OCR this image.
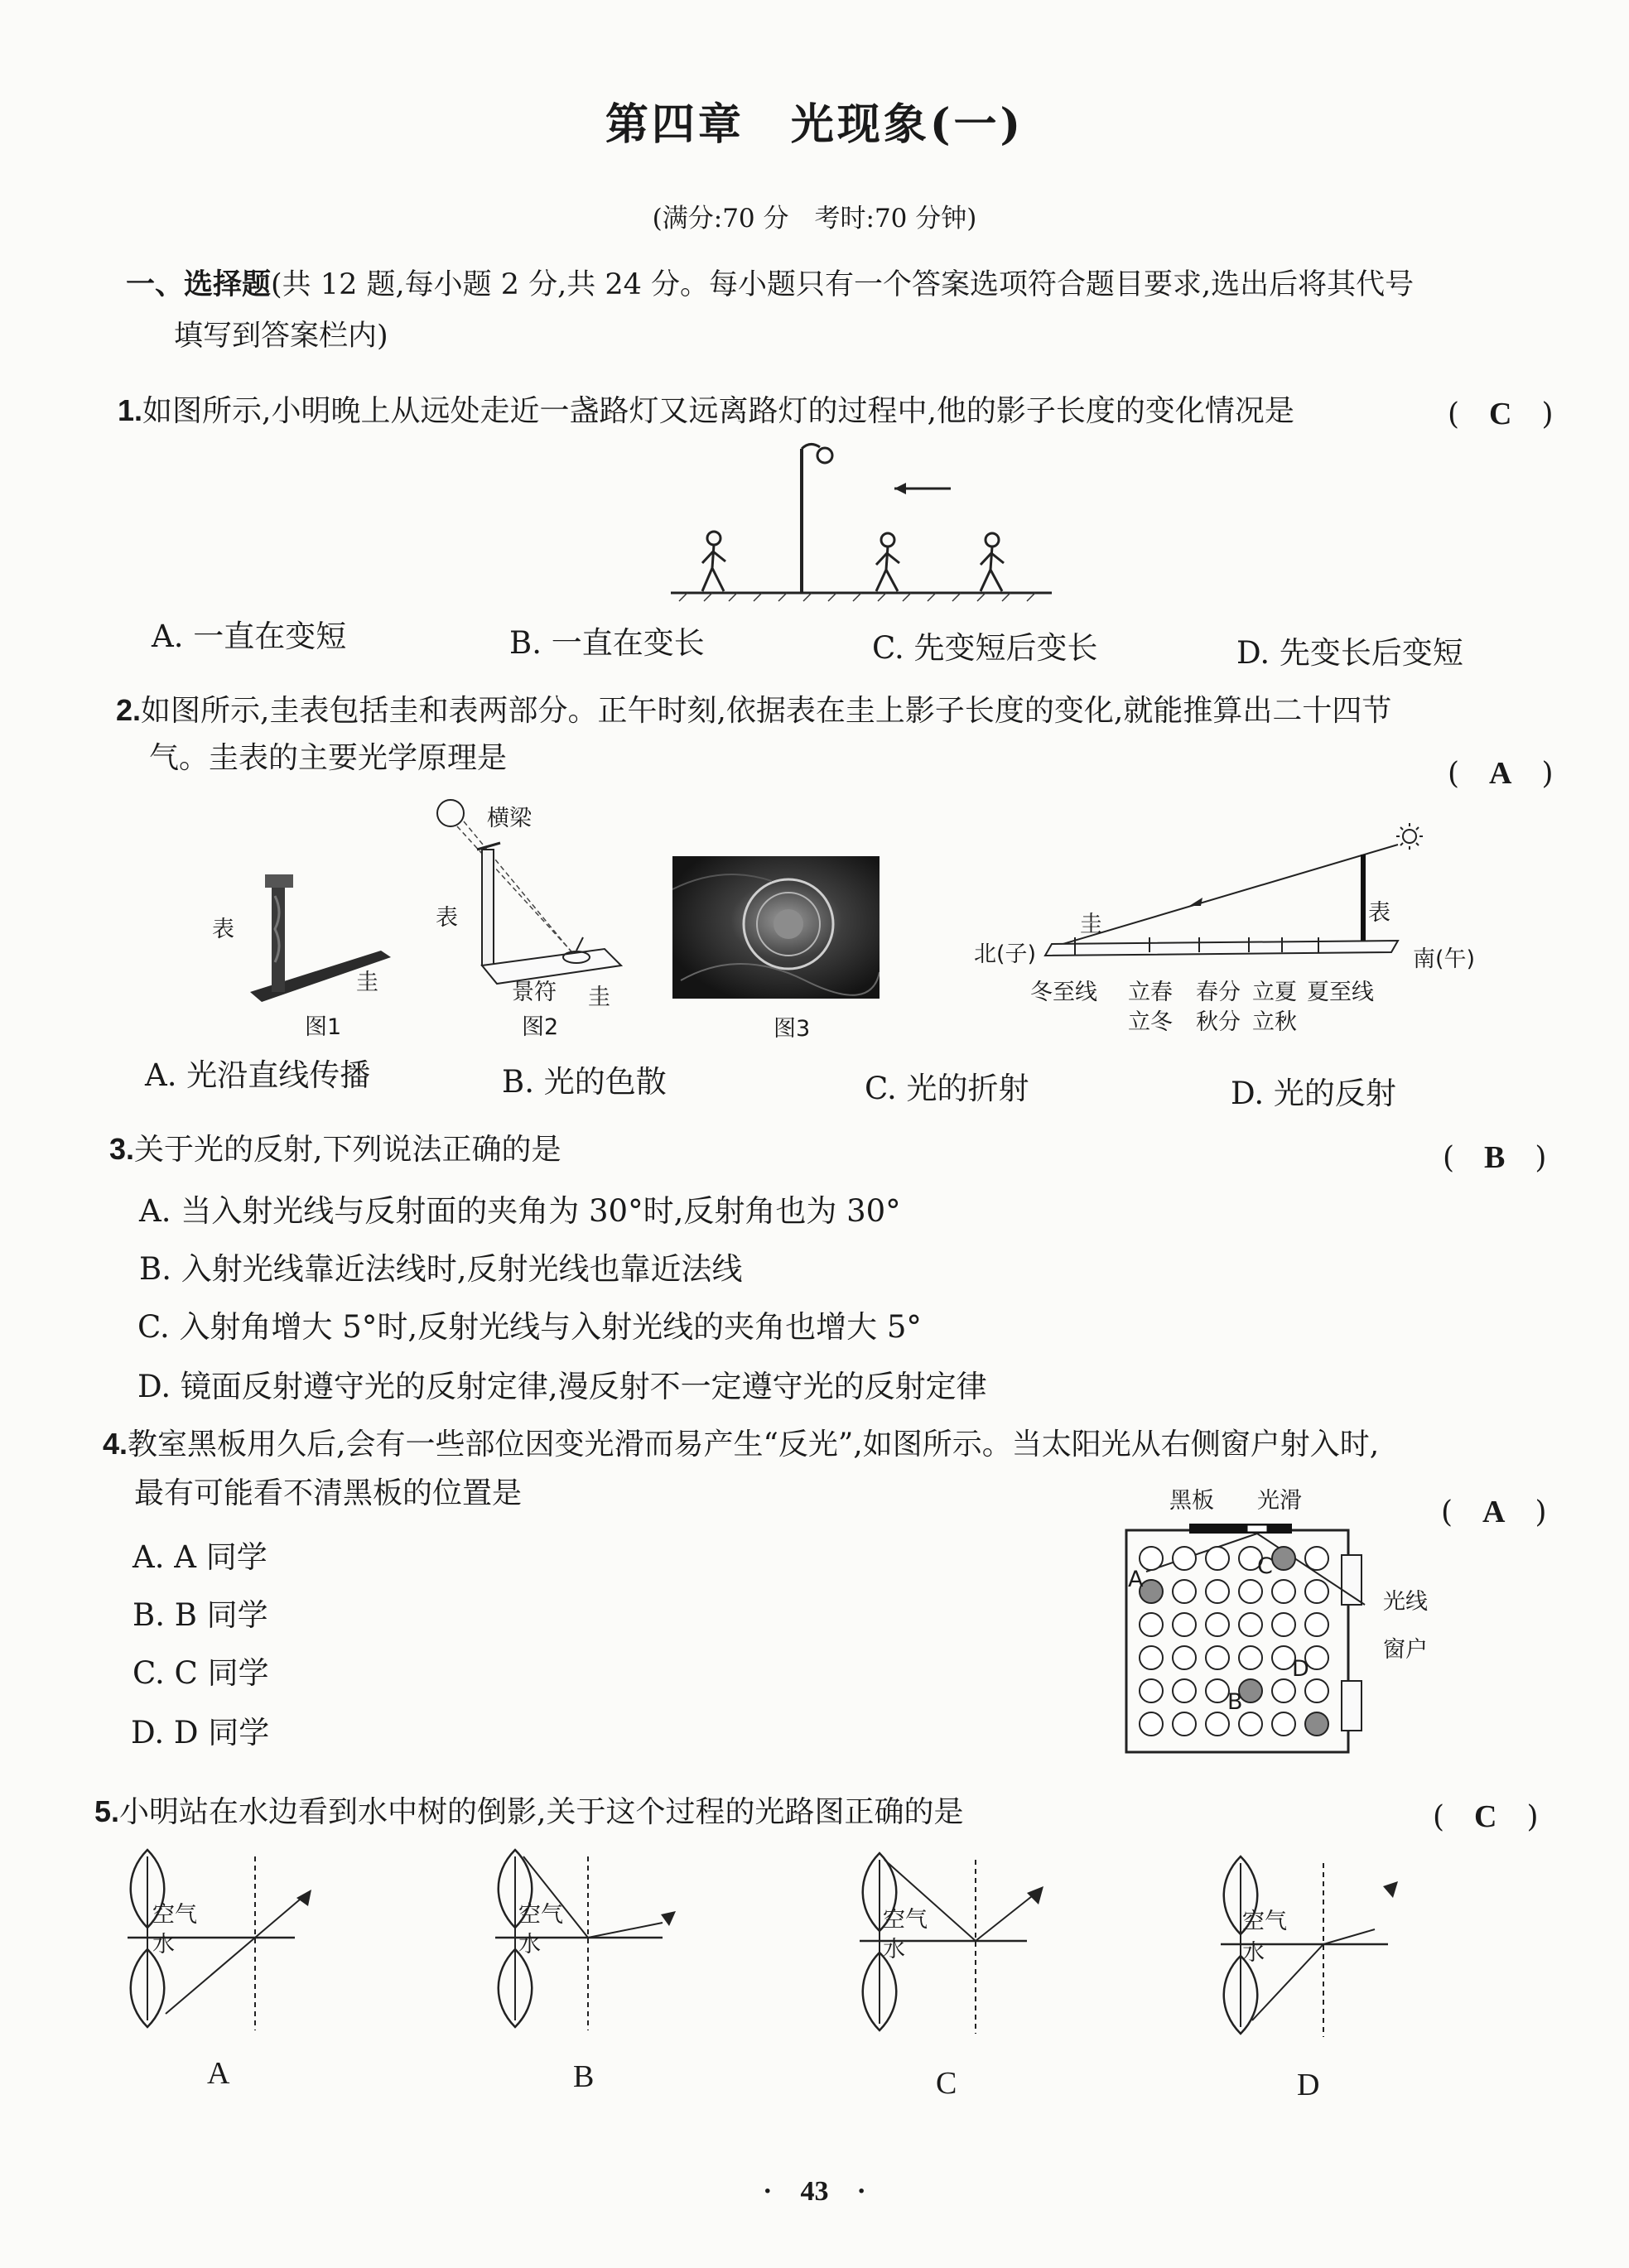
第四章　光现象(一)
(满分:70 分　考时:70 分钟)
一、选择题(共 12 题,每小题 2 分,共 24 分。每小题只有一个答案选项符合题目要求,选出后将其代号
填写到答案栏内)
1.如图所示,小明晚上从远处走近一盏路灯又远离路灯的过程中,他的影子长度的变化情况是	(　C　)
A. 一直在变短	B. 一直在变长	C. 先变短后变长	D. 先变长后变短
2.如图所示,圭表包括圭和表两部分。正午时刻,依据表在圭上影子长度的变化,就能推算出二十四节
气。圭表的主要光学原理是	(　A　)
表
圭
图1
横梁
表
景符 圭
图2	图3
圭	表
北(子)	南(午)
冬至线 立春
立冬
春分
秋分
立夏
立秋
夏至线
A. 光沿直线传播	B. 光的色散	C. 光的折射	D. 光的反射
3.关于光的反射,下列说法正确的是	(　B　)
A. 当入射光线与反射面的夹角为 30°时,反射角也为 30°
B. 入射光线靠近法线时,反射光线也靠近法线
C. 入射角增大 5°时,反射光线与入射光线的夹角也增大 5°
D. 镜面反射遵守光的反射定律,漫反射不一定遵守光的反射定律
4.教室黑板用久后,会有一些部位因变光滑而易产生“反光”,如图所示。当太阳光从右侧窗户射入时,
最有可能看不清黑板的位置是
(　A　)
A. A 同学
B. B 同学
C. C 同学
D. D 同学
黑板 光滑
光线
窗户
A
B
C
D
5.小明站在水边看到水中树的倒影,关于这个过程的光路图正确的是	(　C　)
空气
水
A
空气
水
B
空气
水
C
空气
水
D
·　43　·
